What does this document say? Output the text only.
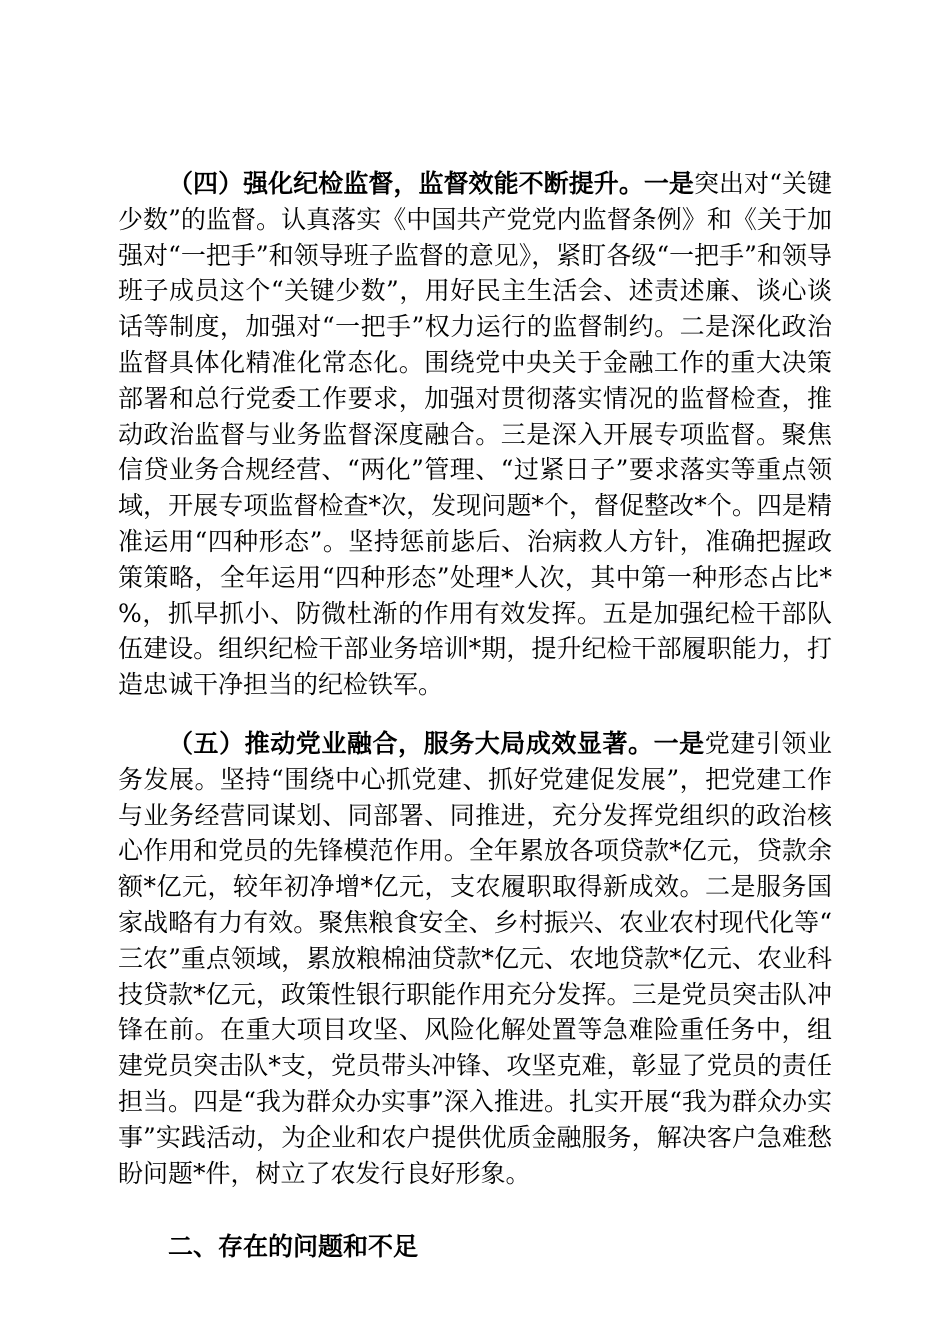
（四）强化纪检监督，监督效能不断提升。一是突出对“关键少数”的监督。认真落实《中国共产党党内监督条例》和《关于加强对“一把手”和领导班子监督的意见》，紧盯各级“一把手”和领导班子成员这个“关键少数”，用好民主生活会、述责述廉、谈心谈话等制度，加强对“一把手”权力运行的监督制约。二是深化政治监督具体化精准化常态化。围绕党中央关于金融工作的重大决策部署和总行党委工作要求，加强对贯彻落实情况的监督检查，推动政治监督与业务监督深度融合。三是深入开展专项监督。聚焦信贷业务合规经营、“两化”管理、“过紧日子”要求落实等重点领域，开展专项监督检查*次，发现问题*个，督促整改*个。四是精准运用“四种形态”。坚持惩前毖后、治病救人方针，准确把握政策策略，全年运用“四种形态”处理*人次，其中第一种形态占比*%，抓早抓小、防微杜渐的作用有效发挥。五是加强纪检干部队伍建设。组织纪检干部业务培训*期，提升纪检干部履职能力，打造忠诚干净担当的纪检铁军。

（五）推动党业融合，服务大局成效显著。一是党建引领业务发展。坚持“围绕中心抓党建、抓好党建促发展”，把党建工作与业务经营同谋划、同部署、同推进，充分发挥党组织的政治核心作用和党员的先锋模范作用。全年累放各项贷款*亿元，贷款余额*亿元，较年初净增*亿元，支农履职取得新成效。二是服务国家战略有力有效。聚焦粮食安全、乡村振兴、农业农村现代化等“三农”重点领域，累放粮棉油贷款*亿元、农地贷款*亿元、农业科技贷款*亿元，政策性银行职能作用充分发挥。三是党员突击队冲锋在前。在重大项目攻坚、风险化解处置等急难险重任务中，组建党员突击队*支，党员带头冲锋、攻坚克难，彰显了党员的责任担当。四是“我为群众办实事”深入推进。扎实开展“我为群众办实事”实践活动，为企业和农户提供优质金融服务，解决客户急难愁盼问题*件，树立了农发行良好形象。

二、存在的问题和不足
